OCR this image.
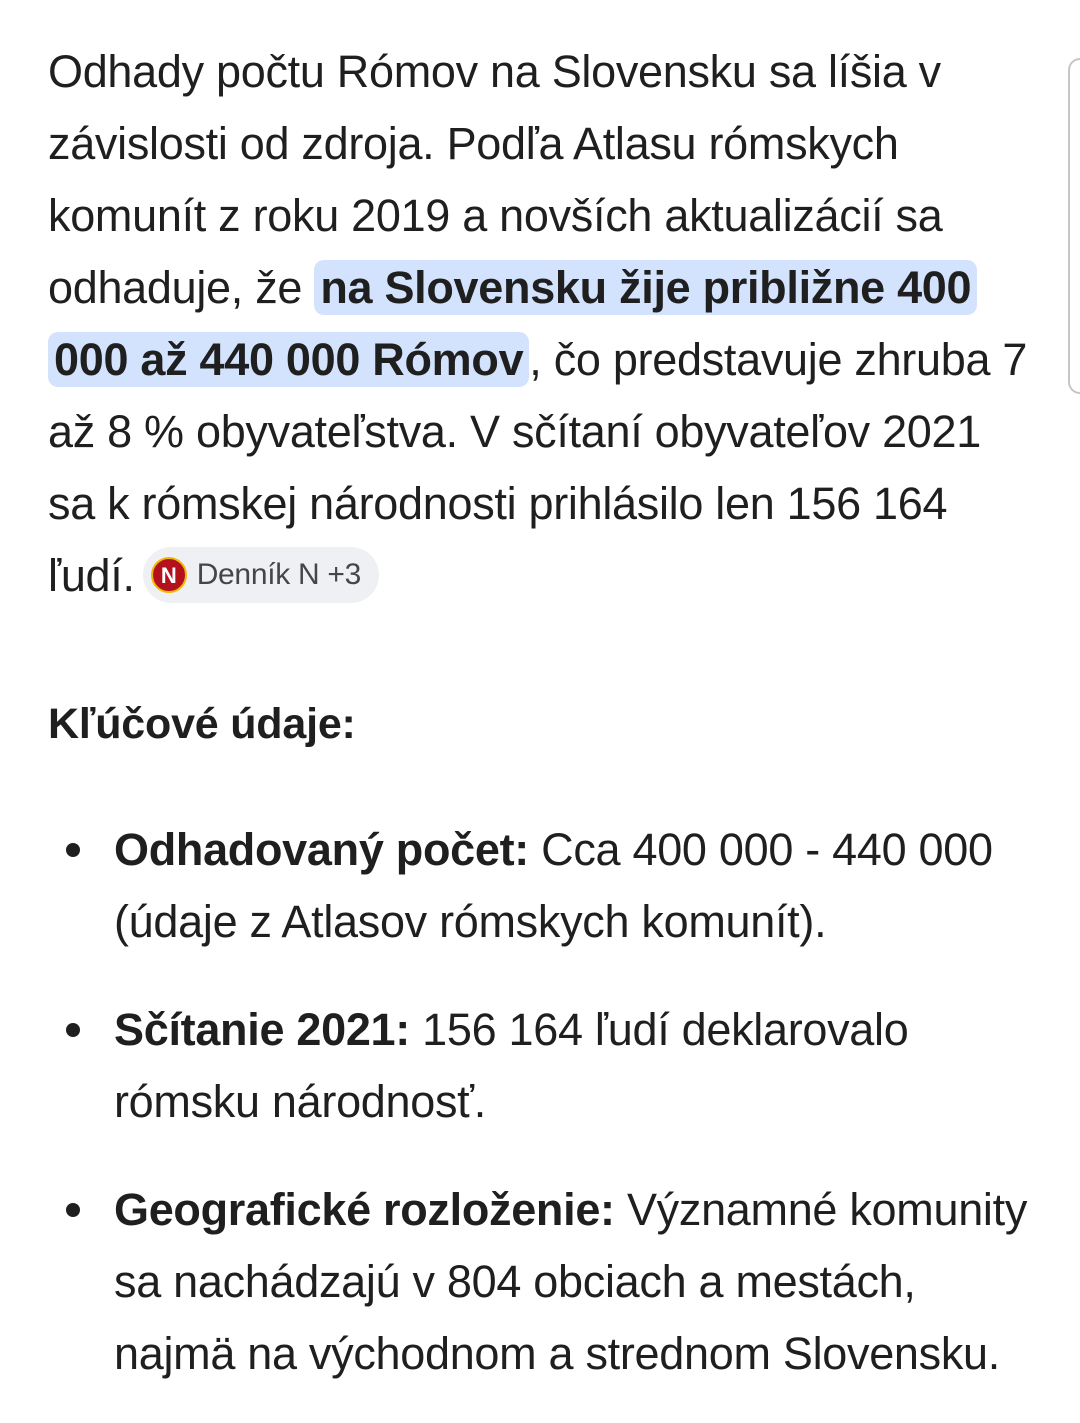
Odhady počtu Rómov na Slovensku sa líšia v závislosti od zdroja. Podľa Atlasu rómskych komunít z roku 2019 a novších aktualizácií sa odhaduje, že na Slovensku žije približne 400 000 až 440 000 Rómov , čo predstavuje zhruba 7 až 8 % obyvateľstva. V sčítaní obyvateľov 2021 sa k rómskej národnosti prihlásilo len 156 164 ľudí.	N Denník N +3

Kľúčové údaje:
Odhadovaný počet: Cca 400 000 - 440 000 (údaje z Atlasov rómskych komunít).
Sčítanie 2021: 156 164 ľudí deklarovalo rómsku národnosť.
Geografické rozloženie: Významné komunity sa nachádzajú v 804 obciach a mestách, najmä na východnom a strednom Slovensku.
